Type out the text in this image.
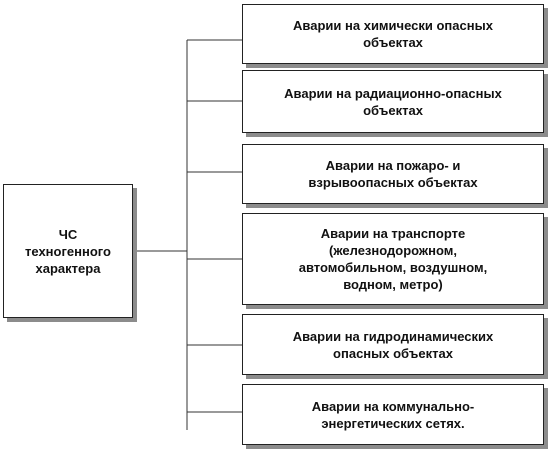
ЧС
техногенного
характера
Аварии на химически опасных
объектах
Аварии на радиационно-опасных
объектах
Аварии на пожаро- и
взрывоопасных объектах
Аварии на транспорте
(железнодорожном,
автомобильном, воздушном,
водном, метро)
Аварии на гидродинамических
опасных объектах
Аварии на коммунально-
энергетических сетях.
